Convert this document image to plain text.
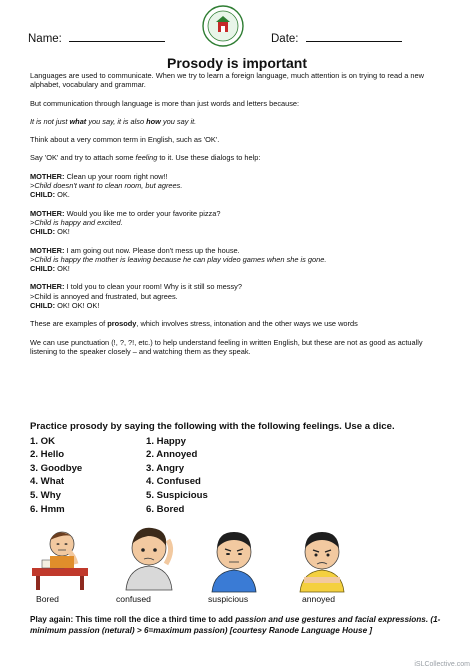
Name:	Date:
Prosody is important

Languages are used to communicate. When we try to learn a foreign language, much attention is on trying to read a new alphabet, vocabulary and grammar.

But communication through language is more than just words and letters because:

It is not just what you say, it is also how you say it.

Think about a very common term in English, such as 'OK'.

Say 'OK' and try to attach some feeling to it. Use these dialogs to help:

MOTHER: Clean up your room right now!!
>Child doesn't want to clean room, but agrees.
CHILD: OK.

MOTHER: Would you like me to order your favorite pizza?
>Child is happy and excited.
CHILD: OK!

MOTHER: I am going out now. Please don't mess up the house.
>Child is happy the mother is leaving because he can play video games when she is gone.
CHILD: OK!

MOTHER: I told you to clean your room! Why is it still so messy?
>Child is annoyed and frustrated, but agrees.
CHILD: OK! OK! OK!

These are examples of prosody, which involves stress, intonation and the other ways we use words

We can use punctuation (!, ?, ?!, etc.) to help understand feeling in written English, but these are not as good as actually listening to the speaker closely – and watching them as they speak.

Practice prosody by saying the following with the following feelings. Use a dice.
1. OK	1. Happy
2. Hello	2. Annoyed
3. Goodbye	3. Angry
4. What	4. Confused
5. Why	5. Suspicious
6. Hmm	6. Bored
Bored	confused	suspicious	annoyed
Play again: This time roll the dice a third time to add passion and use gestures and facial expressions. (1- minimum passion (netural) > 6=maximum passion) [courtesy Ranode Language House ]
iSLCollective.com
